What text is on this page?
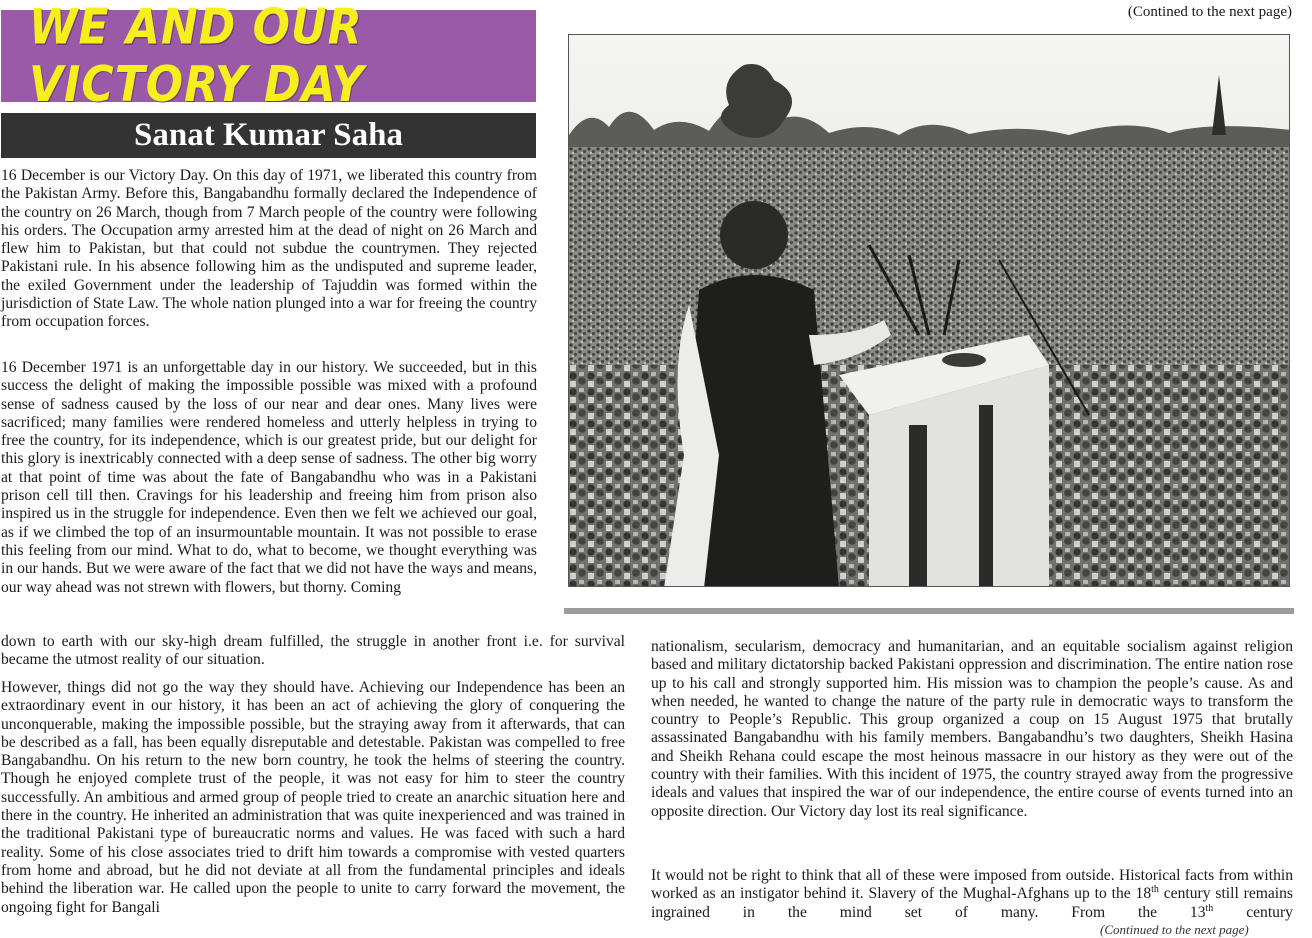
(Contined to the next page)
WE AND OUR VICTORY DAY
Sanat Kumar Saha

16 December is our Victory Day. On this day of 1971, we liberated this country from the Pakistan Army. Before this, Bangabandhu formally declared the Independence of the country on 26 March, though from 7 March people of the country were following his orders. The Occupation army arrested him at the dead of night on 26 March and flew him to Pakistan, but that could not subdue the countrymen. They rejected Pakistani rule. In his absence following him as the undisputed and supreme leader, the exiled Government under the leadership of Tajuddin was formed within the jurisdiction of State Law. The whole nation plunged into a war for freeing the country from occupation forces.

16 December 1971 is an unforgettable day in our history. We succeeded, but in this success the delight of making the impossible possible was mixed with a profound sense of sadness caused by the loss of our near and dear ones. Many lives were sacrificed; many families were rendered homeless and utterly helpless in trying to free the country, for its independence, which is our greatest pride, but our delight for this glory is inextricably connected with a deep sense of sadness. The other big worry at that point of time was about the fate of Bangabandhu who was in a Pakistani prison cell till then. Cravings for his leadership and freeing him from prison also inspired us in the struggle for independence. Even then we felt we achieved our goal, as if we climbed the top of an insurmountable mountain. It was not possible to erase this feeling from our mind. What to do, what to become, we thought everything was in our hands. But we were aware of the fact that we did not have the ways and means, our way ahead was not strewn with flowers, but thorny. Coming

down to earth with our sky-high dream fulfilled, the struggle in another front i.e. for survival became the utmost reality of our situation.

However, things did not go the way they should have. Achieving our Independence has been an extraordinary event in our history, it has been an act of achieving the glory of conquering the unconquerable, making the impossible possible, but the straying away from it afterwards, that can be described as a fall, has been equally disreputable and detestable. Pakistan was compelled to free Bangabandhu. On his return to the new born country, he took the helms of steering the country. Though he enjoyed complete trust of the people, it was not easy for him to steer the country successfully. An ambitious and armed group of people tried to create an anarchic situation here and there in the country. He inherited an administration that was quite inexperienced and was trained in the traditional Pakistani type of bureaucratic norms and values. He was faced with such a hard reality. Some of his close associates tried to drift him towards a compromise with vested quarters from home and abroad, but he did not deviate at all from the fundamental principles and ideals behind the liberation war. He called upon the people to unite to carry forward the movement, the ongoing fight for Bangali

nationalism, secularism, democracy and humanitarian, and an equitable socialism against religion based and military dictatorship backed Pakistani oppression and discrimination. The entire nation rose up to his call and strongly supported him. His mission was to champion the people’s cause. As and when needed, he wanted to change the nature of the party rule in democratic ways to transform the country to People’s Republic. This group organized a coup on 15 August 1975 that brutally assassinated Bangabandhu with his family members. Bangabandhu’s two daughters, Sheikh Hasina and Sheikh Rehana could escape the most heinous massacre in our history as they were out of the country with their families. With this incident of 1975, the country strayed away from the progressive ideals and values that inspired the war of our independence, the entire course of events turned into an opposite direction. Our Victory day lost its real significance.

It would not be right to think that all of these were imposed from outside. Historical facts from within worked as an instigator behind it. Slavery of the Mughal-Afghans up to the 18th century still remains ingrained in the mind set of many. From the 13th century

(Continued to the next page)
